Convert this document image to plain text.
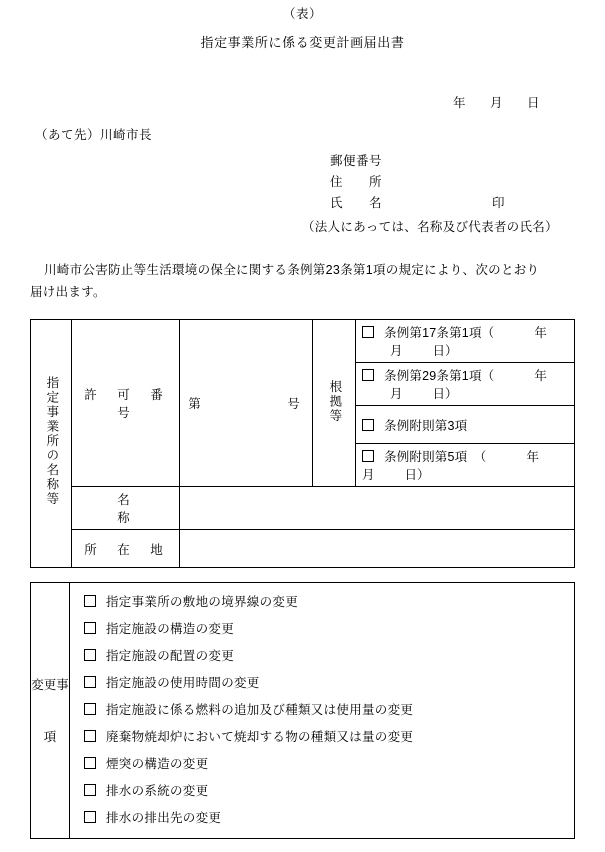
（表）
指定事業所に係る変更計画届出書
年 月 日
（あて先）川崎市長
郵便番号
住　　所
氏　　名	印
（法人にあっては、名称及び代表者の氏名）
川崎市公害防止等生活環境の保全に関する条例第23条第1項の規定により、次のとおり
届け出ます。
指定事業所の名称等	許　可　番　号	第　　　　　号	根拠等	条例第17条第1項（ 年月 日）
				条例第29条第1項（ 年月 日）
				条例附則第3項
				条例附則第5項　（ 年月 日）
	名　　　　称			
	所　在　地			
変更事項

指定事業所の敷地の境界線の変更
指定施設の構造の変更
指定施設の配置の変更
指定施設の使用時間の変更
指定施設に係る燃料の追加及び種類又は使用量の変更
廃棄物焼却炉において焼却する物の種類又は量の変更
煙突の構造の変更
排水の系統の変更
排水の排出先の変更
